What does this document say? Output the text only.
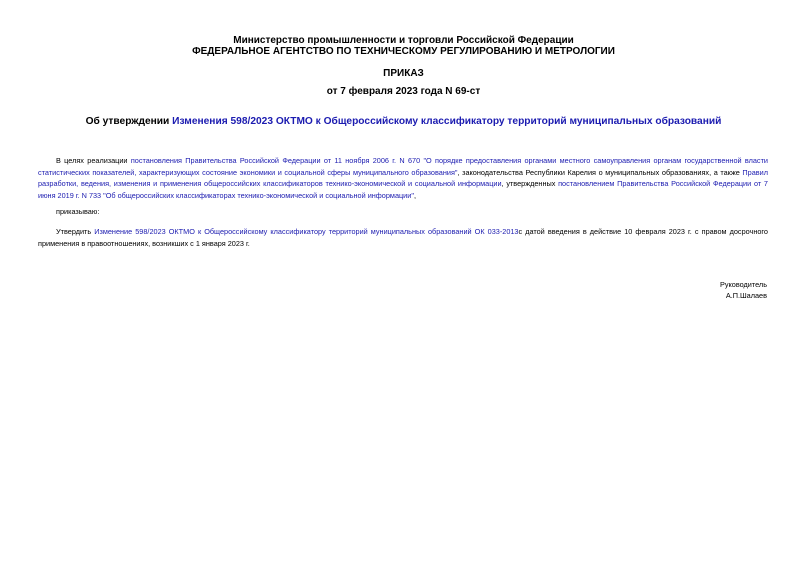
Министерство промышленности и торговли Российской Федерации
ФЕДЕРАЛЬНОЕ АГЕНТСТВО ПО ТЕХНИЧЕСКОМУ РЕГУЛИРОВАНИЮ И МЕТРОЛОГИИ
ПРИКАЗ
от 7 февраля 2023 года N 69-ст
Об утверждении Изменения 598/2023 ОКТМО к Общероссийскому классификатору территорий муниципальных образований
В целях реализации постановления Правительства Российской Федерации от 11 ноября 2006 г. N 670 "О порядке предоставления органами местного самоуправления органам государственной власти статистических показателей, характеризующих состояние экономики и социальной сферы муниципального образования", законодательства Республики Карелия о муниципальных образованиях, а также Правил разработки, ведения, изменения и применения общероссийских классификаторов технико-экономической и социальной информации, утвержденных постановлением Правительства Российской Федерации от 7 июня 2019 г. N 733 "Об общероссийских классификаторах технико-экономической и социальной информации",
приказываю:
Утвердить Изменение 598/2023 ОКТМО к Общероссийскому классификатору территорий муниципальных образований ОК 033-2013с датой введения в действие 10 февраля 2023 г. с правом досрочного применения в правоотношениях, возникших с 1 января 2023 г.
Руководитель
А.П.Шалаев
